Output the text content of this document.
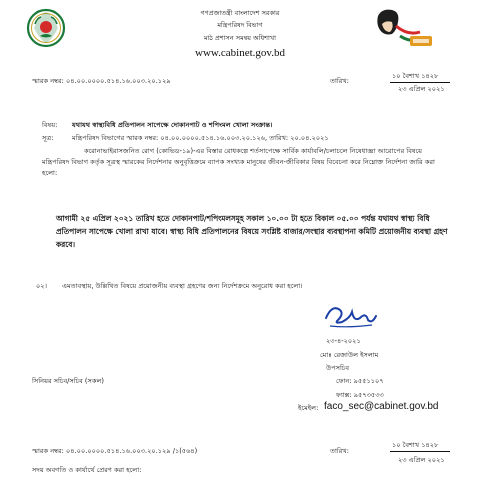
গণপ্রজাতন্ত্রী বাংলাদেশ সরকার
মন্ত্রিপরিষদ বিভাগ
মাঠ প্রশাসন সমন্বয় অধিশাখা
www.cabinet.gov.bd
স্মারক নম্বর: ০৪.০০.০০০০.৫১৪.১৬.০০৩.২০.১২৯	তারিখ:
১০ বৈশাখ ১৪২৮
২৩ এপ্রিল ২০২১
বিষয়: যথাযথ স্বাস্থ্যবিধি প্রতিপালন সাপেক্ষে দোকানপাট ও শপিংমল খোলা সংক্রান্ত।
সূত্র:	মন্ত্রিপরিষদ বিভাগের স্মারক নম্বর: ০৪.০০.০০০০.৫১৪.১৬.০০৩.২০.১২৬, তারিখ: ২০.০৪.২০২১
করোনাভাইরাসজনিত রোগ (কোভিড-১৯)-এর বিস্তার রোধকল্পে শর্তসাপেক্ষে সার্বিক কার্যাবলি/চলাচলে নিষেধাজ্ঞা আরোপের বিষয়ে মন্ত্রিপরিষদ বিভাগ কর্তৃক সূত্রস্থ স্মারকের নির্দেশনার অনুবৃত্তিক্রমে ব্যাপক সংখ্যক মানুষের জীবন-জীবিকার বিষয় বিবেচনা করে নিম্নোক্ত নির্দেশনা জারি করা হলো:
আগামী ২৫ এপ্রিল ২০২১ তারিখ হতে দোকানপাট/শপিংমলসমূহ সকাল ১০.০০ টা হতে বিকাল ০৫.০০ পর্যন্ত যথাযথ স্বাস্থ্য বিধি প্রতিপালন সাপেক্ষে খোলা রাখা যাবে। স্বাস্থ্য বিধি প্রতিপালনের বিষয়ে সংশ্লিষ্ট বাজার/সংস্থার ব্যবস্থাপনা কমিটি প্রয়োজনীয় ব্যবস্থা গ্রহণ করবে।
০২। এমতাবস্থায়, উল্লিখিত বিষয়ে প্রয়োজনীয় ব্যবস্থা গ্রহণের জন্য নির্দেশক্রমে অনুরোধ করা হলো।
২৩-৪-২০২১
মোঃ রেজাউল ইসলাম
উপসচিব
ফোন: ৯৫৫১১০৭
ফ্যাক্স: ৯৫৭৩৫৩৩
ইমেইল: faco_sec@cabinet.gov.bd
সিনিয়র সচিব/সচিব (সকল)
স্মারক নম্বর: ০৪.০০.০০০০.৫১৪.১৬.০০৩.২০.১২৯ /১(৫৬৪)	তারিখ:
১০ বৈশাখ ১৪২৮
২৩ এপ্রিল ২০২১
সদয় অবগতি ও কার্যার্থে প্রেরণ করা হলো:
